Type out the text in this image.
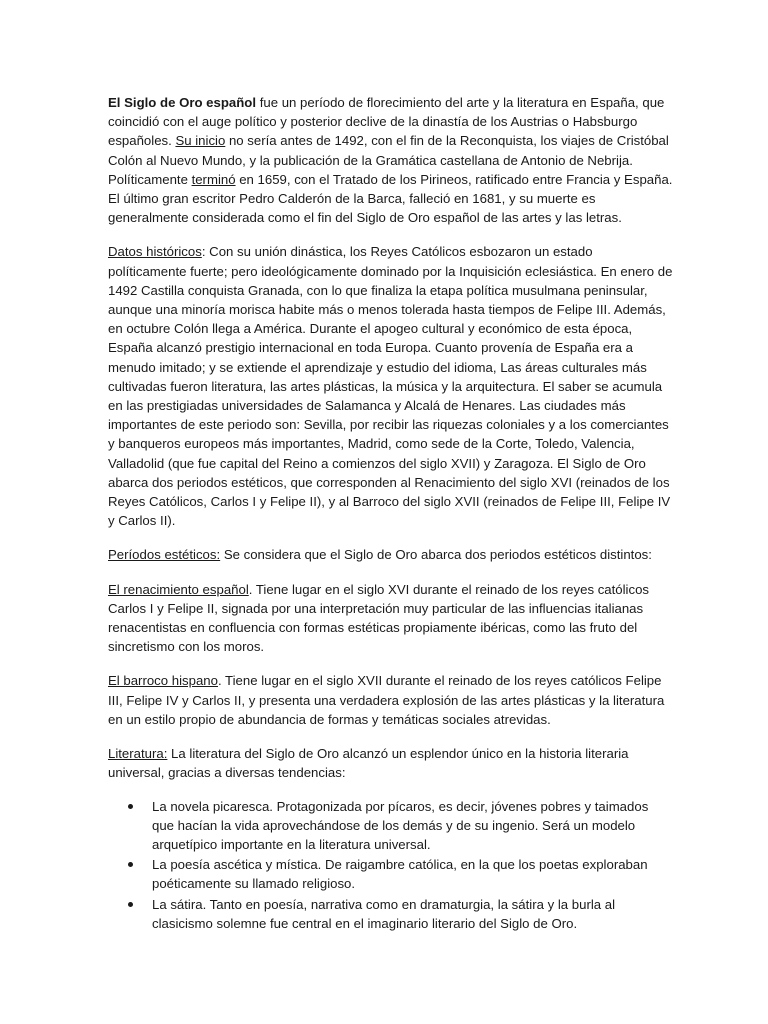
El Siglo de Oro español fue un período de florecimiento del arte y la literatura en España, que coincidió con el auge político y posterior declive de la dinastía de los Austrias o Habsburgo españoles. Su inicio no sería antes de 1492, con el fin de la Reconquista, los viajes de Cristóbal Colón al Nuevo Mundo, y la publicación de la Gramática castellana de Antonio de Nebrija. Políticamente terminó en 1659, con el Tratado de los Pirineos, ratificado entre Francia y España. El último gran escritor Pedro Calderón de la Barca, falleció en 1681, y su muerte es generalmente considerada como el fin del Siglo de Oro español de las artes y las letras.

Datos históricos: Con su unión dinástica, los Reyes Católicos esbozaron un estado políticamente fuerte; pero ideológicamente dominado por la Inquisición eclesiástica. En enero de 1492 Castilla conquista Granada, con lo que finaliza la etapa política musulmana peninsular, aunque una minoría morisca habite más o menos tolerada hasta tiempos de Felipe III. Además, en octubre Colón llega a América. Durante el apogeo cultural y económico de esta época, España alcanzó prestigio internacional en toda Europa. Cuanto provenía de España era a menudo imitado; y se extiende el aprendizaje y estudio del idioma, Las áreas culturales más cultivadas fueron literatura, las artes plásticas, la música y la arquitectura. El saber se acumula en las prestigiadas universidades de Salamanca y Alcalá de Henares. Las ciudades más importantes de este periodo son: Sevilla, por recibir las riquezas coloniales y a los comerciantes y banqueros europeos más importantes, Madrid, como sede de la Corte, Toledo, Valencia, Valladolid (que fue capital del Reino a comienzos del siglo XVII) y Zaragoza. El Siglo de Oro abarca dos periodos estéticos, que corresponden al Renacimiento del siglo XVI (reinados de los Reyes Católicos, Carlos I y Felipe II), y al Barroco del siglo XVII (reinados de Felipe III, Felipe IV y Carlos II).

Períodos estéticos: Se considera que el Siglo de Oro abarca dos periodos estéticos distintos:

El renacimiento español. Tiene lugar en el siglo XVI durante el reinado de los reyes católicos Carlos I y Felipe II, signada por una interpretación muy particular de las influencias italianas renacentistas en confluencia con formas estéticas propiamente ibéricas, como las fruto del sincretismo con los moros.

El barroco hispano. Tiene lugar en el siglo XVII durante el reinado de los reyes católicos Felipe III, Felipe IV y Carlos II, y presenta una verdadera explosión de las artes plásticas y la literatura en un estilo propio de abundancia de formas y temáticas sociales atrevidas.

Literatura: La literatura del Siglo de Oro alcanzó un esplendor único en la historia literaria universal, gracias a diversas tendencias:

La novela picaresca. Protagonizada por pícaros, es decir, jóvenes pobres y taimados que hacían la vida aprovechándose de los demás y de su ingenio. Será un modelo arquetípico importante en la literatura universal.
La poesía ascética y mística. De raigambre católica, en la que los poetas exploraban poéticamente su llamado religioso.
La sátira. Tanto en poesía, narrativa como en dramaturgia, la sátira y la burla al clasicismo solemne fue central en el imaginario literario del Siglo de Oro.
